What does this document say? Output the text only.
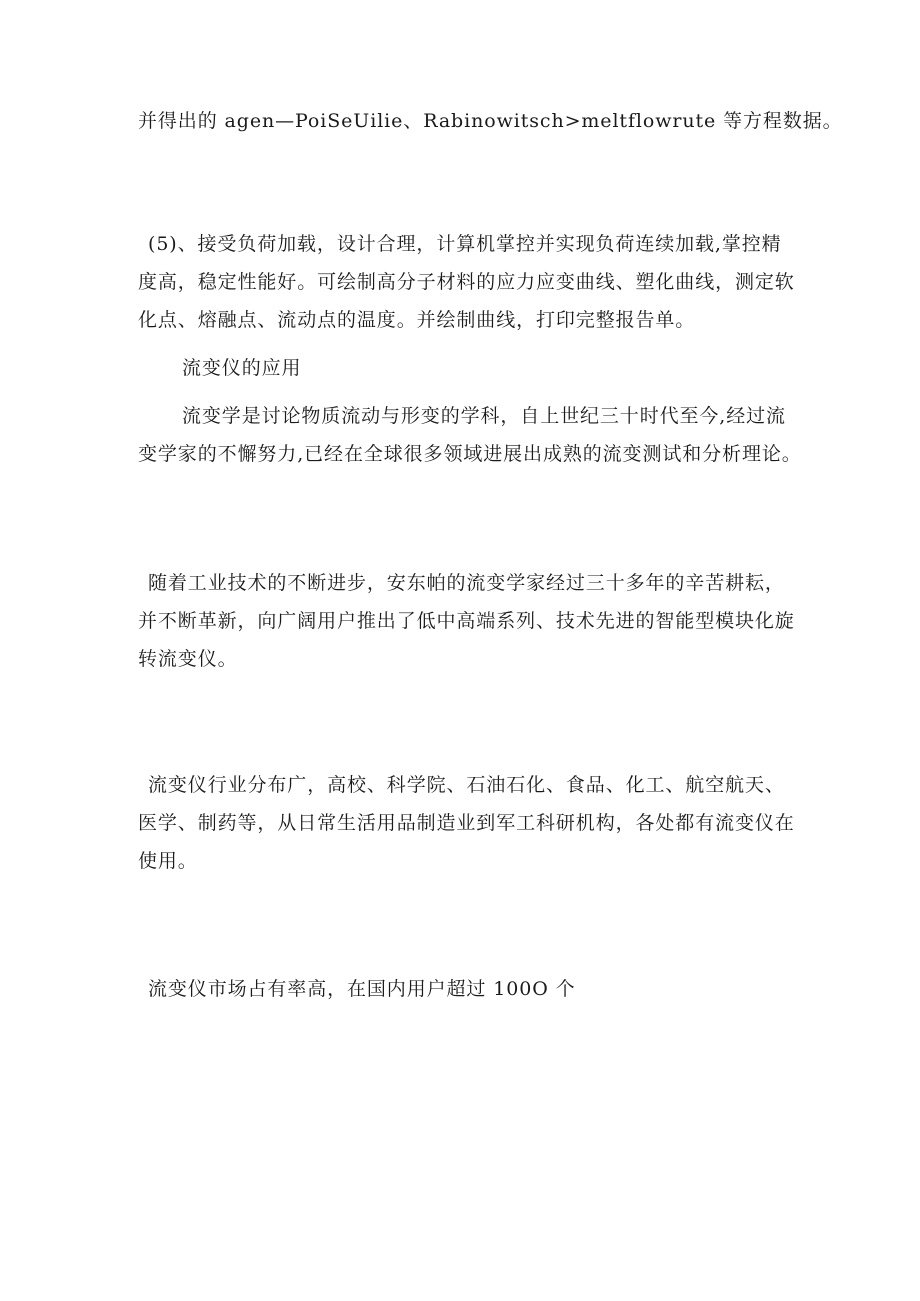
并得出的 agen—PoiSeUilie、Rabinowitsch>meltflowrute 等方程数据。

(5)、接受负荷加载，设计合理，计算机掌控并实现负荷连续加载,掌控精

度高，稳定性能好。可绘制高分子材料的应力应变曲线、塑化曲线，测定软

化点、熔融点、流动点的温度。并绘制曲线，打印完整报告单。

流变仪的应用

流变学是讨论物质流动与形变的学科，自上世纪三十时代至今,经过流

变学家的不懈努力,已经在全球很多领域进展出成熟的流变测试和分析理论。

随着工业技术的不断进步，安东帕的流变学家经过三十多年的辛苦耕耘，

并不断革新，向广阔用户推出了低中高端系列、技术先进的智能型模块化旋

转流变仪。

流变仪行业分布广，高校、科学院、石油石化、食品、化工、航空航天、

医学、制药等，从日常生活用品制造业到军工科研机构，各处都有流变仪在

使用。

流变仪市场占有率高，在国内用户超过 100O 个
